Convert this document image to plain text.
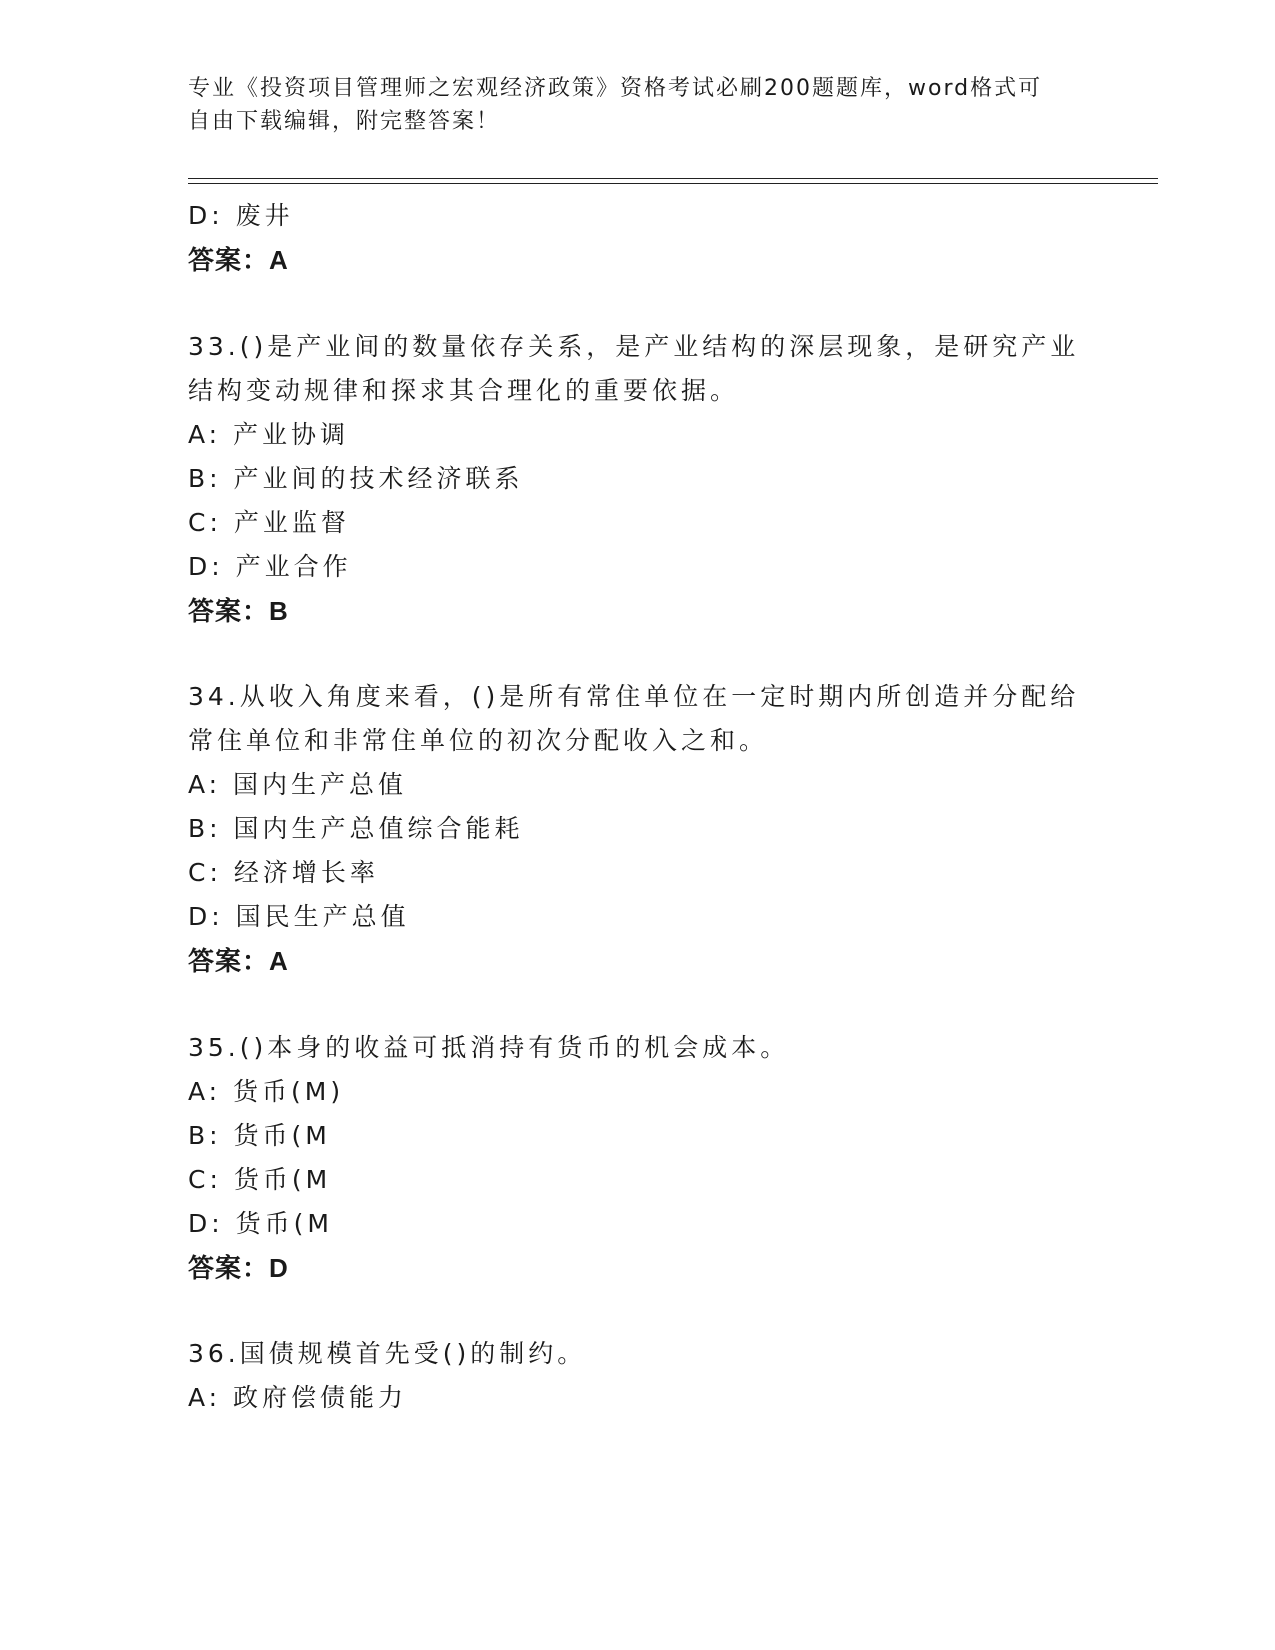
专业《投资项目管理师之宏观经济政策》资格考试必刷200题题库，word格式可
自由下载编辑，附完整答案！
D: 废井
答案：A
33.()是产业间的数量依存关系，是产业结构的深层现象，是研究产业
结构变动规律和探求其合理化的重要依据。
A: 产业协调
B: 产业间的技术经济联系
C: 产业监督
D: 产业合作
答案：B
34.从收入角度来看，()是所有常住单位在一定时期内所创造并分配给
常住单位和非常住单位的初次分配收入之和。
A: 国内生产总值
B: 国内生产总值综合能耗
C: 经济增长率
D: 国民生产总值
答案：A
35.()本身的收益可抵消持有货币的机会成本。
A: 货币(M)
B: 货币(M
C: 货币(M
D: 货币(M
答案：D
36.国债规模首先受()的制约。
A: 政府偿债能力
